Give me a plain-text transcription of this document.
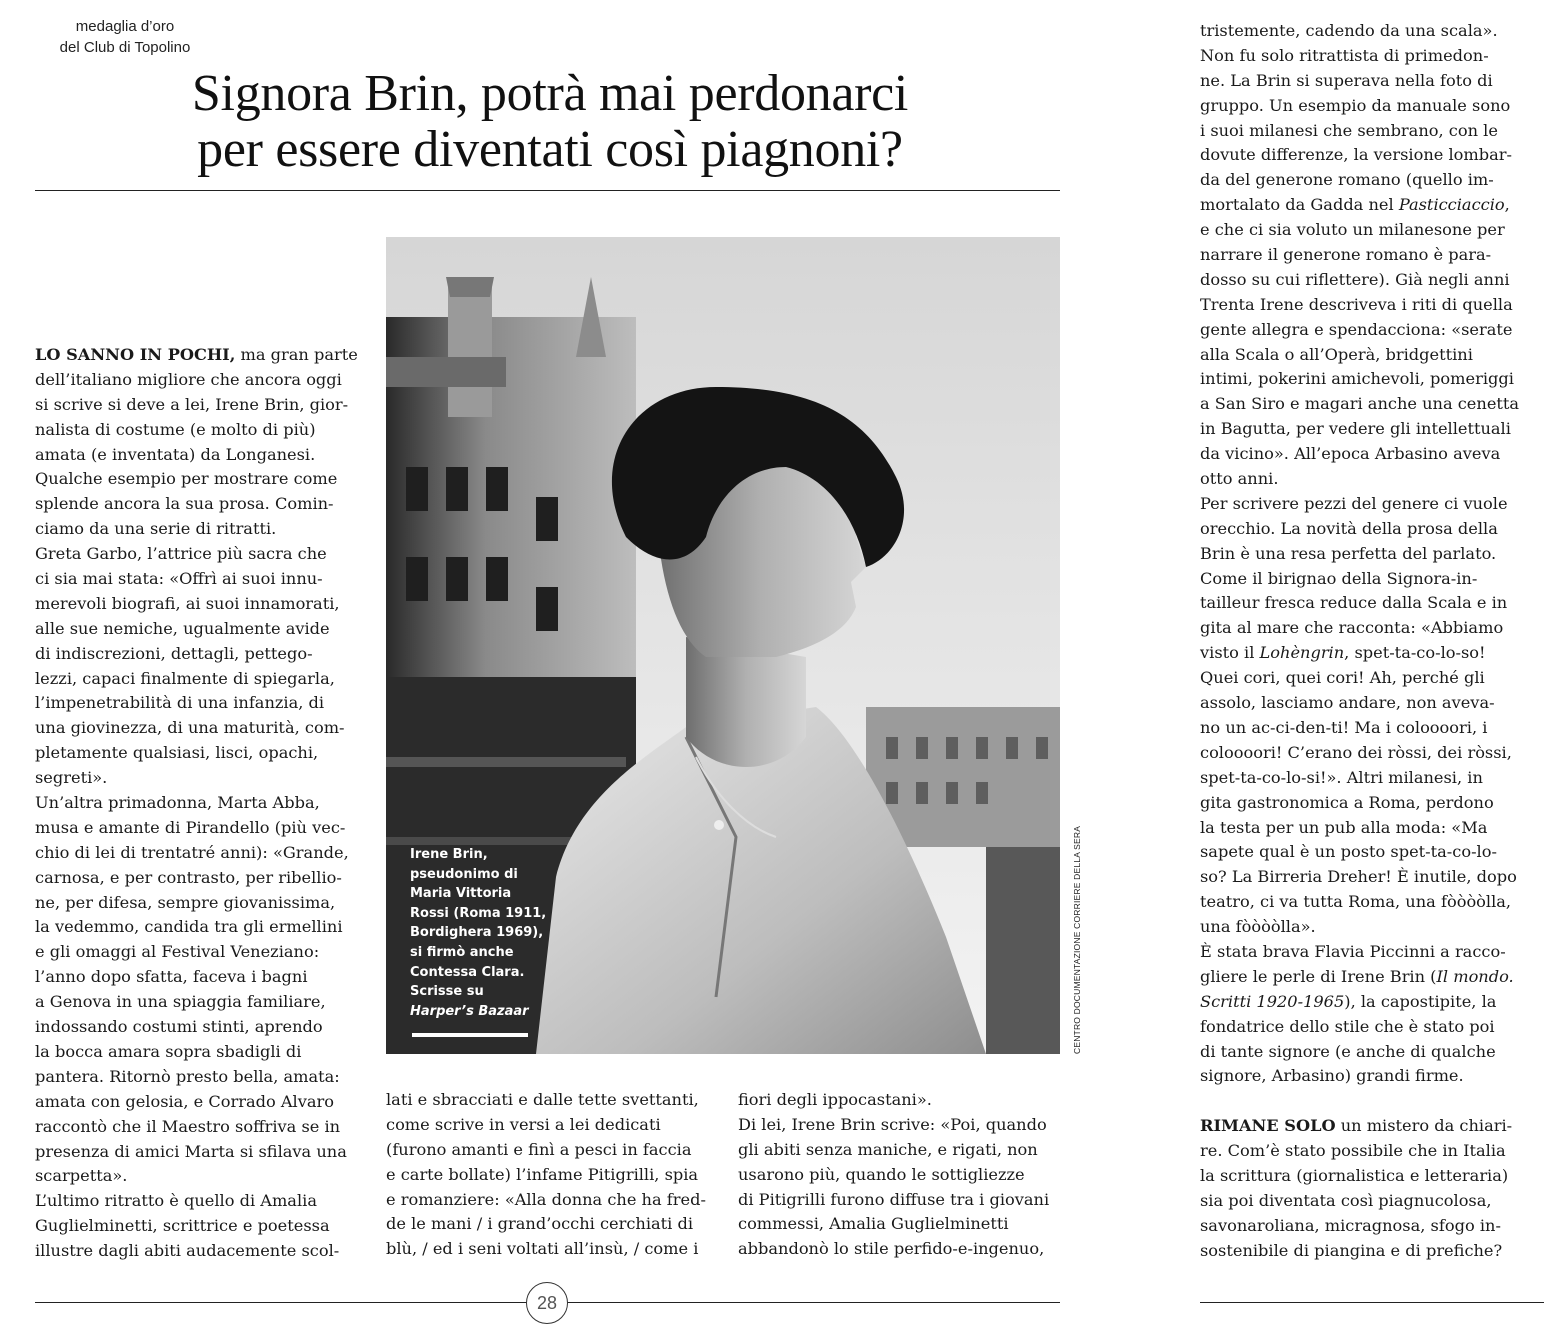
medaglia d’oro
del Club di Topolino
Signora Brin, potrà mai perdonarci
per essere diventati così piagnoni?
LO SANNO IN POCHI, ma gran parte
dell’italiano migliore che ancora oggi
si scrive si deve a lei, Irene Brin, gior-
nalista di costume (e molto di più)
amata (e inventata) da Longanesi.
Qualche esempio per mostrare come
splende ancora la sua prosa. Comin-
ciamo da una serie di ritratti.
Greta Garbo, l’attrice più sacra che
ci sia mai stata: «Offrì ai suoi innu-
merevoli biografi, ai suoi innamorati,
alle sue nemiche, ugualmente avide
di indiscrezioni, dettagli, pettego-
lezzi, capaci finalmente di spiegarla,
l’impenetrabilità di una infanzia, di
una giovinezza, di una maturità, com-
pletamente qualsiasi, lisci, opachi,
segreti».
Un’altra primadonna, Marta Abba,
musa e amante di Pirandello (più vec-
chio di lei di trentatré anni): «Grande,
carnosa, e per contrasto, per ribellio-
ne, per difesa, sempre giovanissima,
la vedemmo, candida tra gli ermellini
e gli omaggi al Festival Veneziano:
l’anno dopo sfatta, faceva i bagni
a Genova in una spiaggia familiare,
indossando costumi stinti, aprendo
la bocca amara sopra sbadigli di
pantera. Ritornò presto bella, amata:
amata con gelosia, e Corrado Alvaro
raccontò che il Maestro soffriva se in
presenza di amici Marta si sfilava una
scarpetta».
L’ultimo ritratto è quello di Amalia
Guglielminetti, scrittrice e poetessa
illustre dagli abiti audacemente scol-
Irene Brin,
pseudonimo di
Maria Vittoria
Rossi (Roma 1911,
Bordighera 1969),
si firmò anche
Contessa Clara.
Scrisse su
Harper’s Bazaar	CENTRO DOCUMENTAZIONE CORRIERE DELLA SERA
lati e sbracciati e dalle tette svettanti,
come scrive in versi a lei dedicati
(furono amanti e finì a pesci in faccia
e carte bollate) l’infame Pitigrilli, spia
e romanziere: «Alla donna che ha fred-
de le mani / i grand’occhi cerchiati di
blù, / ed i seni voltati all’insù, / come i
fiori degli ippocastani».
Di lei, Irene Brin scrive: «Poi, quando
gli abiti senza maniche, e rigati, non
usarono più, quando le sottigliezze
di Pitigrilli furono diffuse tra i giovani
commessi, Amalia Guglielminetti
abbandonò lo stile perfido-e-ingenuo,
tristemente, cadendo da una scala».
Non fu solo ritrattista di primedon-
ne. La Brin si superava nella foto di
gruppo. Un esempio da manuale sono
i suoi milanesi che sembrano, con le
dovute differenze, la versione lombar-
da del generone romano (quello im-
mortalato da Gadda nel Pasticciaccio,
e che ci sia voluto un milanesone per
narrare il generone romano è para-
dosso su cui riflettere). Già negli anni
Trenta Irene descriveva i riti di quella
gente allegra e spendacciona: «serate
alla Scala o all’Operà, bridgettini
intimi, pokerini amichevoli, pomeriggi
a San Siro e magari anche una cenetta
in Bagutta, per vedere gli intellettuali
da vicino». All’epoca Arbasino aveva
otto anni.
Per scrivere pezzi del genere ci vuole
orecchio. La novità della prosa della
Brin è una resa perfetta del parlato.
Come il birignao della Signora-in-
tailleur fresca reduce dalla Scala e in
gita al mare che racconta: «Abbiamo
visto il Lohèngrin, spet-ta-co-lo-so!
Quei cori, quei cori! Ah, perché gli
assolo, lasciamo andare, non aveva-
no un ac-ci-den-ti! Ma i coloooori, i
coloooori! C’erano dei ròssi, dei ròssi,
spet-ta-co-lo-si!». Altri milanesi, in
gita gastronomica a Roma, perdono
la testa per un pub alla moda: «Ma
sapete qual è un posto spet-ta-co-lo-
so? La Birreria Dreher! È inutile, dopo
teatro, ci va tutta Roma, una fòòòòlla,
una fòòòòlla».
È stata brava Flavia Piccinni a racco-
gliere le perle di Irene Brin (Il mondo.
Scritti 1920-1965), la capostipite, la
fondatrice dello stile che è stato poi
di tante signore (e anche di qualche
signore, Arbasino) grandi firme.
RIMANE SOLO un mistero da chiari-
re. Com’è stato possibile che in Italia
la scrittura (giornalistica e letteraria)
sia poi diventata così piagnucolosa,
savonaroliana, micragnosa, sfogo in-
sostenibile di piangina e di prefiche?
28
